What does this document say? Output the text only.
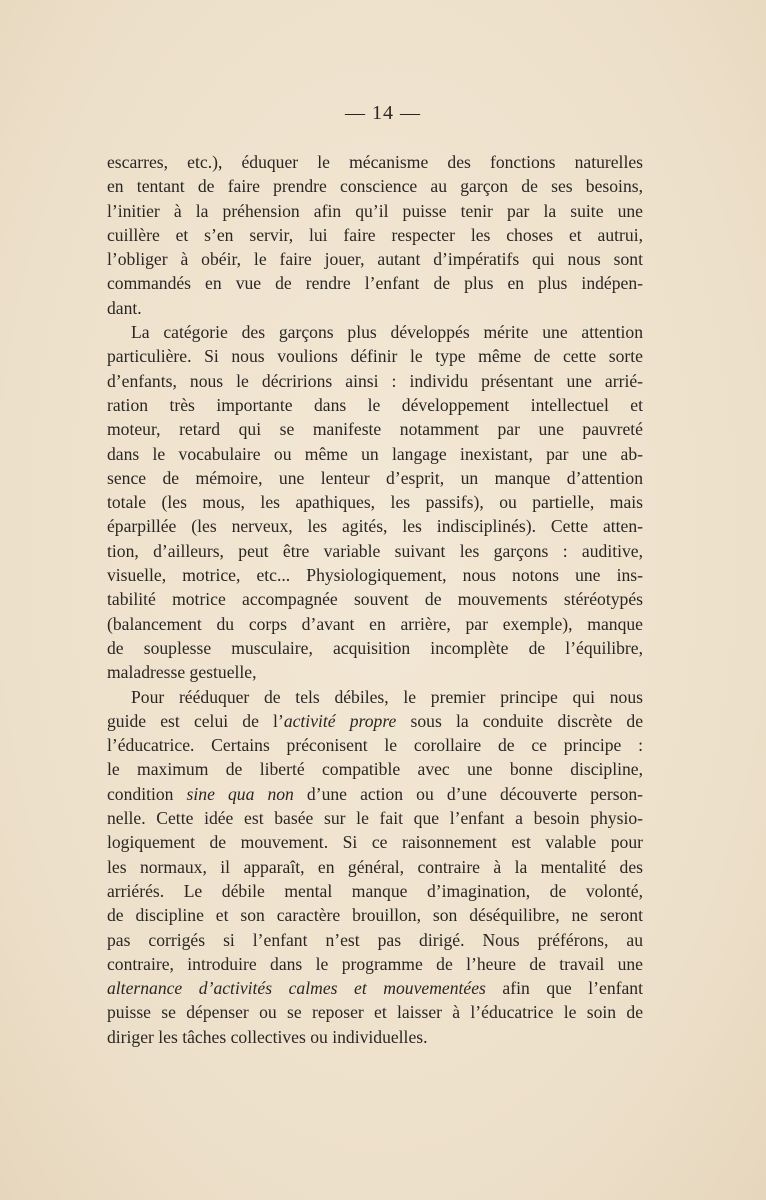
— 14 —

escarres, etc.), éduquer le mécanisme des fonctions naturelles
en tentant de faire prendre conscience au garçon de ses besoins,
l’initier à la préhension afin qu’il puisse tenir par la suite une
cuillère et s’en servir, lui faire respecter les choses et autrui,
l’obliger à obéir, le faire jouer, autant d’impératifs qui nous sont
commandés en vue de rendre l’enfant de plus en plus indépen-
dant.

La catégorie des garçons plus développés mérite une attention
particulière. Si nous voulions définir le type même de cette sorte
d’enfants, nous le décririons ainsi : individu présentant une arrié-
ration très importante dans le développement intellectuel et
moteur, retard qui se manifeste notamment par une pauvreté
dans le vocabulaire ou même un langage inexistant, par une ab-
sence de mémoire, une lenteur d’esprit, un manque d’attention
totale (les mous, les apathiques, les passifs), ou partielle, mais
éparpillée (les nerveux, les agités, les indisciplinés). Cette atten-
tion, d’ailleurs, peut être variable suivant les garçons : auditive,
visuelle, motrice, etc... Physiologiquement, nous notons une ins-
tabilité motrice accompagnée souvent de mouvements stéréotypés
(balancement du corps d’avant en arrière, par exemple), manque
de souplesse musculaire, acquisition incomplète de l’équilibre,
maladresse gestuelle,

Pour rééduquer de tels débiles, le premier principe qui nous
guide est celui de l’activité propre sous la conduite discrète de
l’éducatrice. Certains préconisent le corollaire de ce principe :
le maximum de liberté compatible avec une bonne discipline,
condition sine qua non d’une action ou d’une découverte person-
nelle. Cette idée est basée sur le fait que l’enfant a besoin physio-
logiquement de mouvement. Si ce raisonnement est valable pour
les normaux, il apparaît, en général, contraire à la mentalité des
arriérés. Le débile mental manque d’imagination, de volonté,
de discipline et son caractère brouillon, son déséquilibre, ne seront
pas corrigés si l’enfant n’est pas dirigé. Nous préférons, au
contraire, introduire dans le programme de l’heure de travail une
alternance d’activités calmes et mouvementées afin que l’enfant
puisse se dépenser ou se reposer et laisser à l’éducatrice le soin de
diriger les tâches collectives ou individuelles.
